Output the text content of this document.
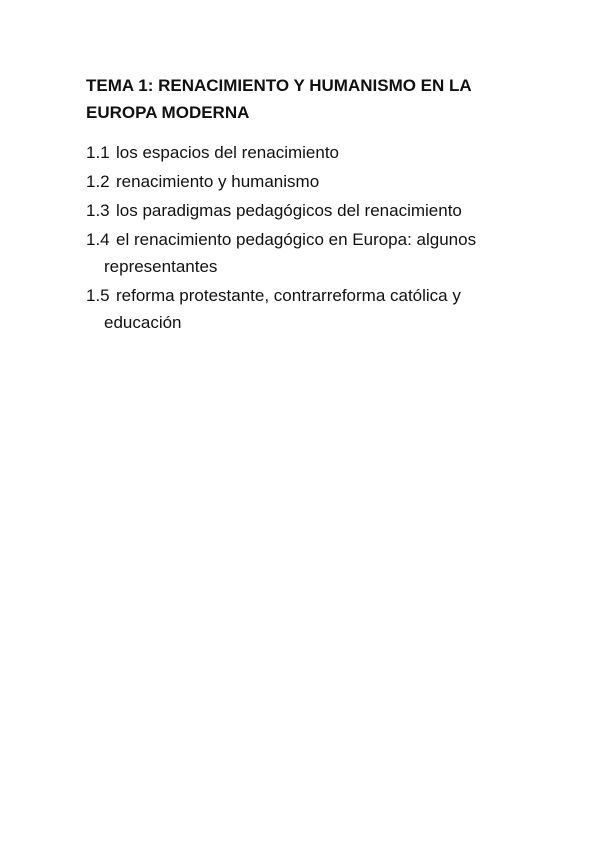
TEMA 1: RENACIMIENTO Y HUMANISMO EN LA EUROPA MODERNA
1.1 los espacios del renacimiento
1.2 renacimiento y humanismo
1.3 los paradigmas pedagógicos del renacimiento
1.4 el renacimiento pedagógico en Europa: algunos representantes
1.5 reforma protestante, contrarreforma católica y educación
